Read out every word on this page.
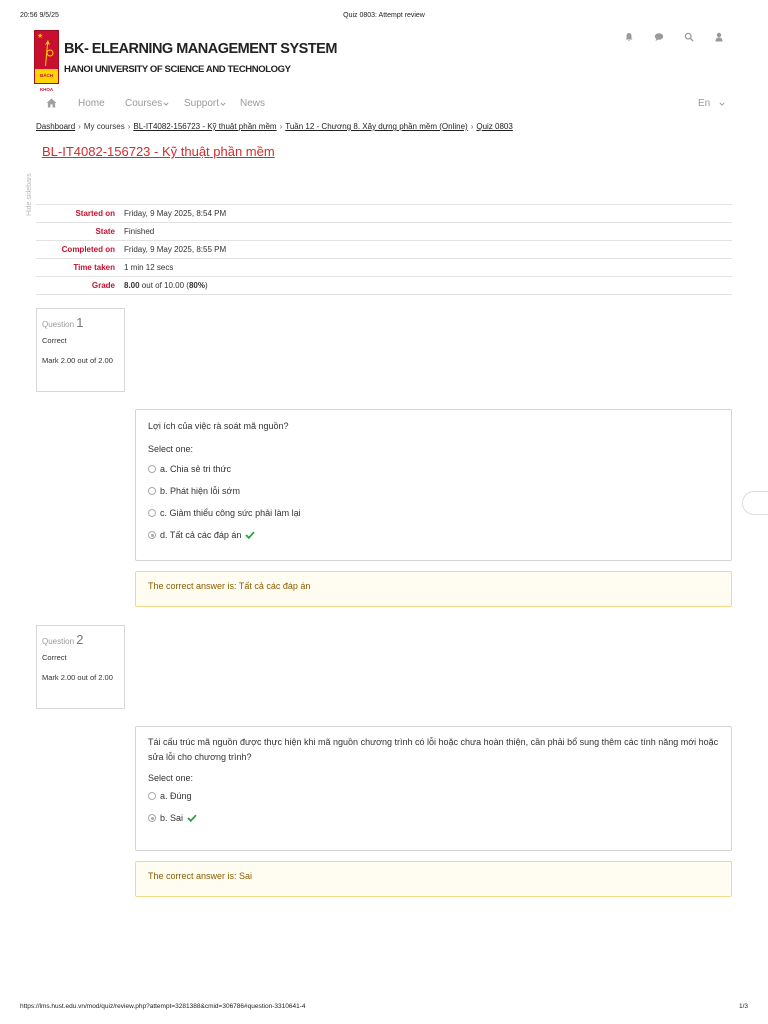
20:56 9/5/25	Quiz 0803: Attempt review
★
BÁCH KHOA
BK- ELEARNING MANAGEMENT SYSTEM
HANOI UNIVERSITY OF SCIENCE AND TECHNOLOGY
Home Courses Support News	En
Dashboard › My courses › BL-IT4082-156723 - Kỹ thuật phần mềm › Tuần 12 - Chương 8. Xây dựng phần mềm (Online) › Quiz 0803
BL-IT4082-156723 - Kỹ thuật phần mềm
Hide sidebars	Started on	Friday, 9 May 2025, 8:54 PM
State	Finished
Completed on	Friday, 9 May 2025, 8:55 PM
Time taken	1 min 12 secs
Grade	8.00 out of 10.00 (80%)
Question 1
Correct
Mark 2.00 out of 2.00
Lợi ích của việc rà soát mã nguồn?
Select one:
a. Chia sẻ tri thức
b. Phát hiện lỗi sớm
c. Giảm thiểu công sức phải làm lại
d. Tất cả các đáp án
The correct answer is: Tất cả các đáp án
Question 2
Correct
Mark 2.00 out of 2.00
Tái cấu trúc mã nguồn được thực hiện khi mã nguồn chương trình có lỗi hoặc chưa hoàn thiện, cần phải bổ sung thêm các tính năng mới hoặc sửa lỗi cho chương trình?
Select one:
a. Đúng
b. Sai
The correct answer is: Sai
https://lms.hust.edu.vn/mod/quiz/review.php?attempt=3281388&cmid=306786#question-3310641-4	1/3
